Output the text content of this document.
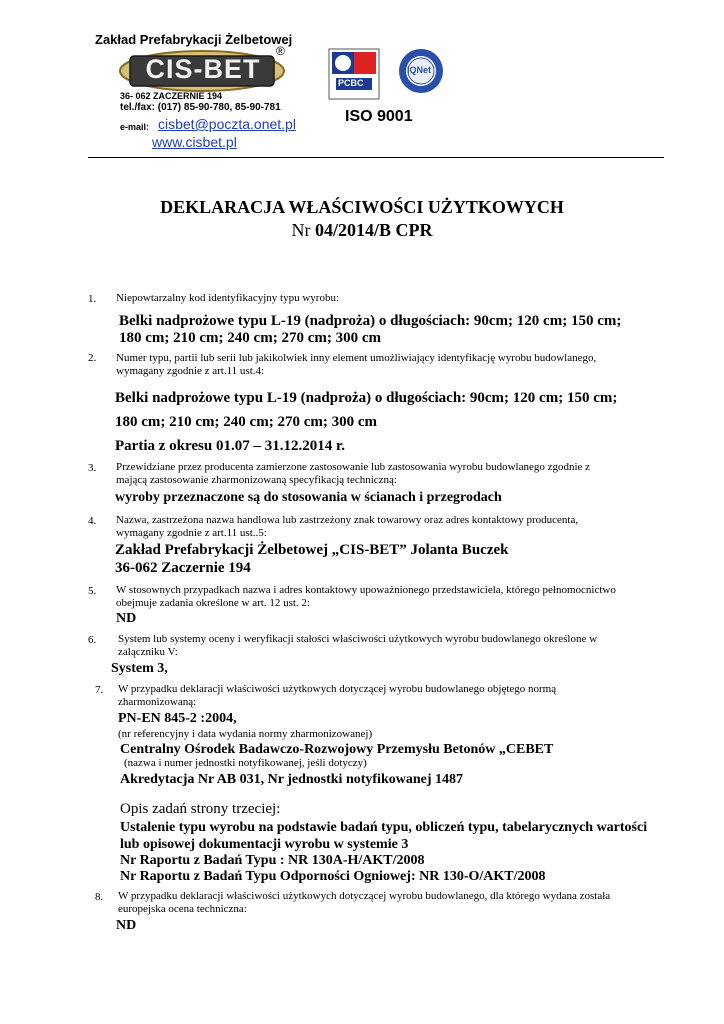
Zakład Prefabrykacji Żelbetowej
CIS-BET
®
36- 062 ZACZERNIE 194
tel./fax: (017) 85-90-780, 85-90-781
e-mail: cisbet@poczta.onet.pl
www.cisbet.pl
PCBC
IQNet
ISO 9001
DEKLARACJA WŁAŚCIWOŚCI UŻYTKOWYCH
Nr 04/2014/B CPR
1. Niepowtarzalny kod identyfikacyjny typu wyrobu:
Belki nadprożowe typu L-19 (nadproża) o długościach: 90cm; 120 cm; 150 cm;
180 cm; 210 cm; 240 cm; 270 cm; 300 cm
2. Numer typu, partii lub serii lub jakikolwiek inny element umożliwiający identyfikację wyrobu budowlanego,
wymagany zgodnie z art.11 ust.4:
Belki nadprożowe typu L-19 (nadproża) o długościach: 90cm; 120 cm; 150 cm;
180 cm; 210 cm; 240 cm; 270 cm; 300 cm
Partia z okresu 01.07 – 31.12.2014 r.
3. Przewidziane przez producenta zamierzone zastosowanie lub zastosowania wyrobu budowlanego zgodnie z
mającą zastosowanie zharmonizowaną specyfikacją techniczną:
wyroby przeznaczone są do stosowania w ścianach i przegrodach
4. Nazwa, zastrzeżona nazwa handlowa lub zastrzeżony znak towarowy oraz adres kontaktowy producenta,
wymagany zgodnie z art.11 ust..5:
Zakład Prefabrykacji Żelbetowej „CIS-BET” Jolanta Buczek
36-062 Zaczernie 194
5. W stosownych przypadkach nazwa i adres kontaktowy upoważnionego przedstawiciela, którego pełnomocnictwo
obejmuje zadania określone w art. 12 ust. 2:
ND
6. System lub systemy oceny i weryfikacji stałości właściwości użytkowych wyrobu budowlanego określone w
załączniku V:
System 3,
7. W przypadku deklaracji właściwości użytkowych dotyczącej wyrobu budowlanego objętego normą
zharmonizowaną:
PN-EN 845-2 :2004,
(nr referencyjny i data wydania normy zharmonizowanej)
Centralny Ośrodek Badawczo-Rozwojowy Przemysłu Betonów „CEBET
(nazwa i numer jednostki notyfikowanej, jeśli dotyczy)
Akredytacja Nr AB 031, Nr jednostki notyfikowanej 1487
Opis zadań strony trzeciej:
Ustalenie typu wyrobu na podstawie badań typu, obliczeń typu, tabelarycznych wartości
lub opisowej dokumentacji wyrobu w systemie 3
Nr Raportu z Badań Typu : NR 130A-H/AKT/2008
Nr Raportu z Badań Typu Odporności Ogniowej: NR 130-O/AKT/2008
8. W przypadku deklaracji właściwości użytkowych dotyczącej wyrobu budowlanego, dla którego wydana została
europejska ocena techniczna:
ND
